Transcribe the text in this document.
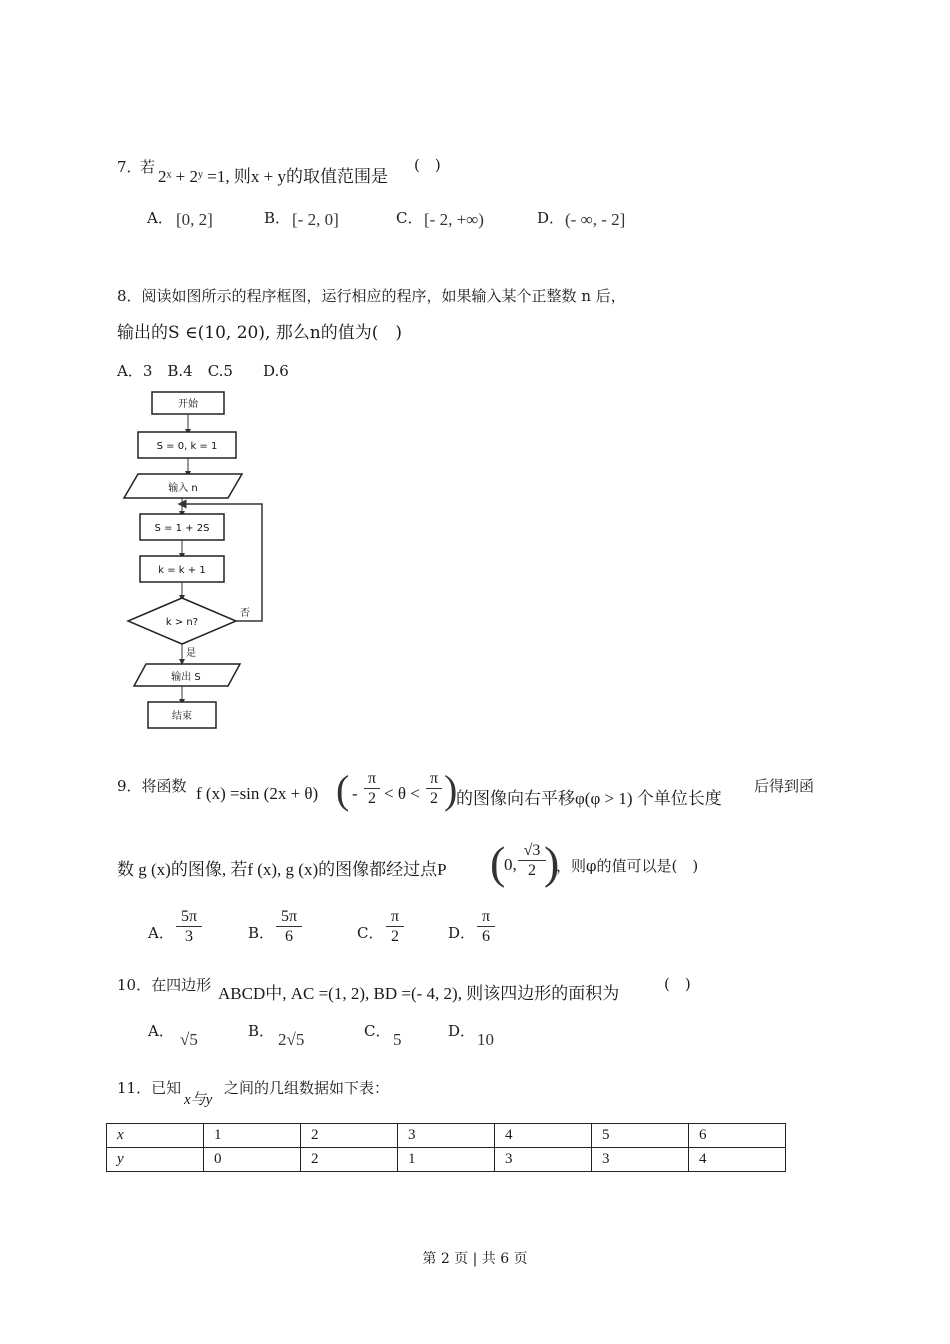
7．
若 2ˣ + 2ʸ =1, 则x + y的取值范围是
(　)
A． [0, 2]	B． [- 2, 0]	C． [- 2, +∞)	D． (- ∞, - 2]
8．阅读如图所示的程序框图，运行相应的程序，如果输入某个正整数 n 后，
输出的S ∈(10, 20), 那么n的值为(　)
A．3　B.4　C.5　　D.6
开始
S = 0, k = 1
输入 n
S = 1 + 2S
k = k + 1
k > n?
否
是
输出 S
结束
9．将函数 f (x) =sin (2x + θ) ( - $\frac{\pi}{2} < \theta < \frac{\pi}{2}$ )
的图像向右平移φ(φ > 1) 个单位长度
后得到函
数 g (x)的图像, 若f (x), g (x)的图像都经过点P (
0, $\frac{√3}{2}$
)
，则φ的值可以是(　)
A． $\frac{5\pi}{3}$	B． $\frac{5\pi}{6}$	C． $\frac{\pi}{2}$	D． $\frac{\pi}{6}$
10．在四边形 ABCD中, AC =(1, 2), BD =(- 4, 2), 则该四边形的面积为	(　)
A． √5	B． 2√5	C． 5	D． 10
11．已知
x与y
之间的几组数据如下表：
x	1	2	3	4	5	6
y	0	2	1	3	3	4
第 2 页 | 共 6 页
